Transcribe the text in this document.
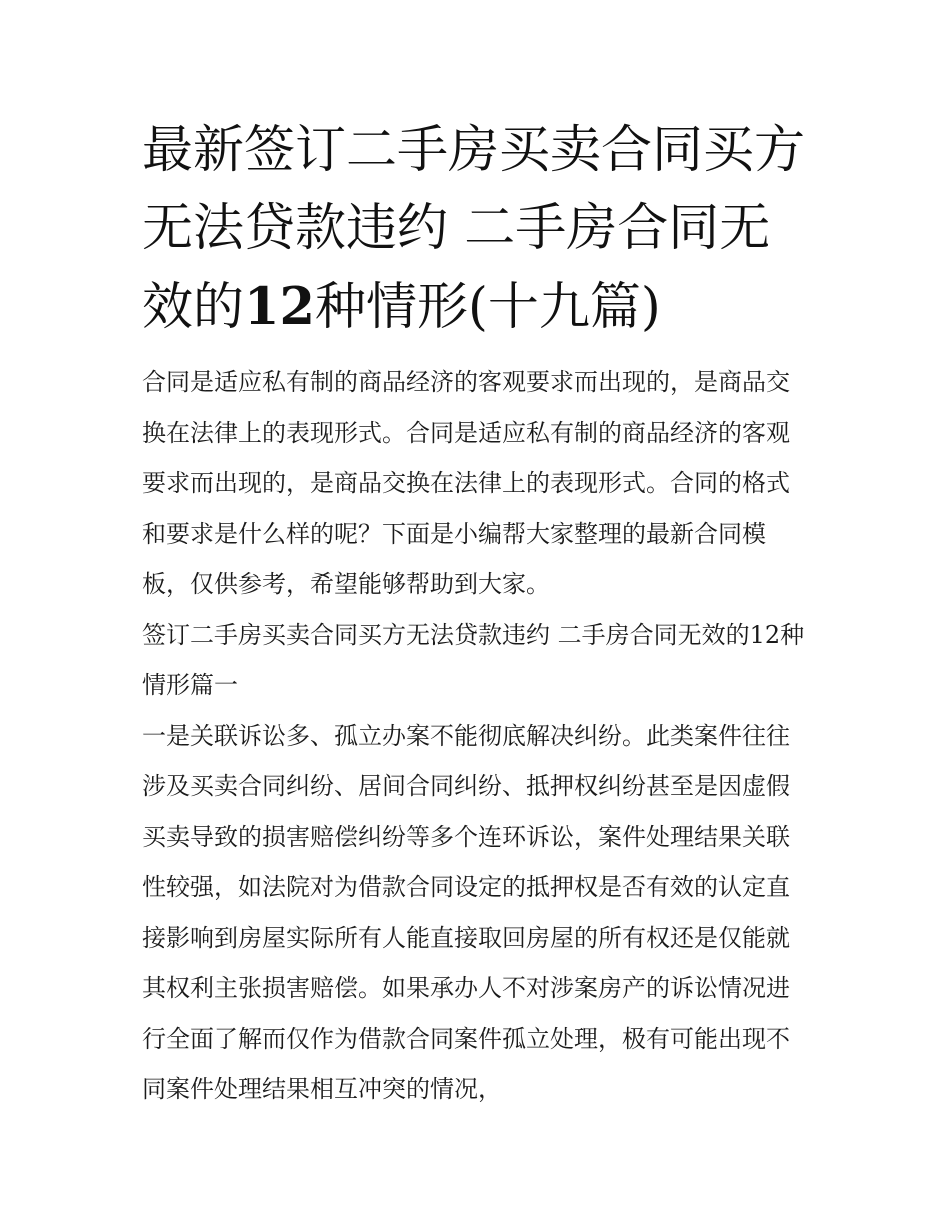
最新签订二手房买卖合同买方无法贷款违约 二手房合同无效的12种情形(十九篇)

合同是适应私有制的商品经济的客观要求而出现的，是商品交换在法律上的表现形式。合同是适应私有制的商品经济的客观要求而出现的，是商品交换在法律上的表现形式。合同的格式和要求是什么样的呢？下面是小编帮大家整理的最新合同模板，仅供参考，希望能够帮助到大家。

签订二手房买卖合同买方无法贷款违约 二手房合同无效的12种情形篇一

一是关联诉讼多、孤立办案不能彻底解决纠纷。此类案件往往涉及买卖合同纠纷、居间合同纠纷、抵押权纠纷甚至是因虚假买卖导致的损害赔偿纠纷等多个连环诉讼，案件处理结果关联性较强，如法院对为借款合同设定的抵押权是否有效的认定直接影响到房屋实际所有人能直接取回房屋的所有权还是仅能就其权利主张损害赔偿。如果承办人不对涉案房产的诉讼情况进行全面了解而仅作为借款合同案件孤立处理，极有可能出现不同案件处理结果相互冲突的情况，
